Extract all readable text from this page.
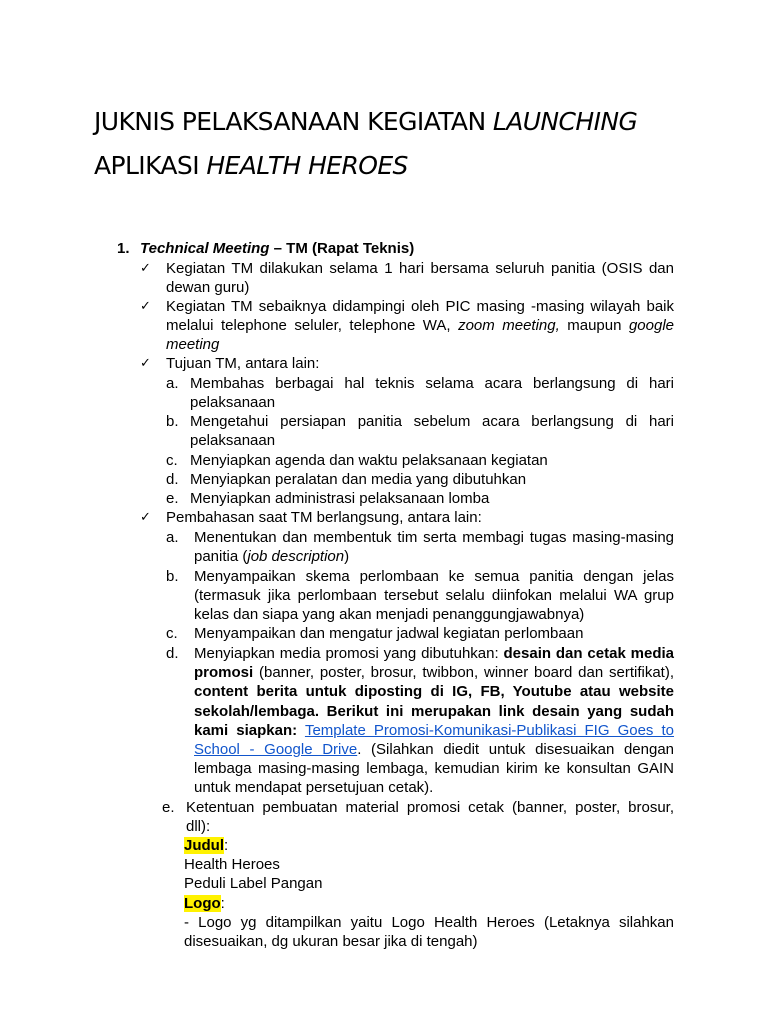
JUKNIS PELAKSANAAN KEGIATAN LAUNCHING
APLIKASI HEALTH HEROES
1. Technical Meeting – TM (Rapat Teknis)
✓ Kegiatan TM dilakukan selama 1 hari bersama seluruh panitia (OSIS dan
dewan guru)
✓ Kegiatan TM sebaiknya didampingi oleh PIC masing -masing wilayah baik
melalui telephone seluler, telephone WA, zoom meeting, maupun google
meeting
✓ Tujuan TM, antara lain:
a. Membahas berbagai hal teknis selama acara berlangsung di hari
pelaksanaan
b. Mengetahui persiapan panitia sebelum acara berlangsung di hari
pelaksanaan
c. Menyiapkan agenda dan waktu pelaksanaan kegiatan
d. Menyiapkan peralatan dan media yang dibutuhkan
e. Menyiapkan administrasi pelaksanaan lomba
✓ Pembahasan saat TM berlangsung, antara lain:
a. Menentukan dan membentuk tim serta membagi tugas masing-masing
panitia (job description)
b. Menyampaikan skema perlombaan ke semua panitia dengan jelas
(termasuk jika perlombaan tersebut selalu diinfokan melalui WA grup
kelas dan siapa yang akan menjadi penanggungjawabnya)
c. Menyampaikan dan mengatur jadwal kegiatan perlombaan
d. Menyiapkan media promosi yang dibutuhkan: desain dan cetak media
promosi (banner, poster, brosur, twibbon, winner board dan sertifikat),
content berita untuk diposting di IG, FB, Youtube atau website
sekolah/lembaga. Berikut ini merupakan link desain yang sudah
kami siapkan: Template Promosi-Komunikasi-Publikasi FIG Goes to
School - Google Drive. (Silahkan diedit untuk disesuaikan dengan
lembaga masing-masing lembaga, kemudian kirim ke konsultan GAIN
untuk mendapat persetujuan cetak).
e. Ketentuan pembuatan material promosi cetak (banner, poster, brosur,
dll):
Judul:
Health Heroes
Peduli Label Pangan
Logo:
- Logo yg ditampilkan yaitu Logo Health Heroes (Letaknya silahkan
disesuaikan, dg ukuran besar jika di tengah)
